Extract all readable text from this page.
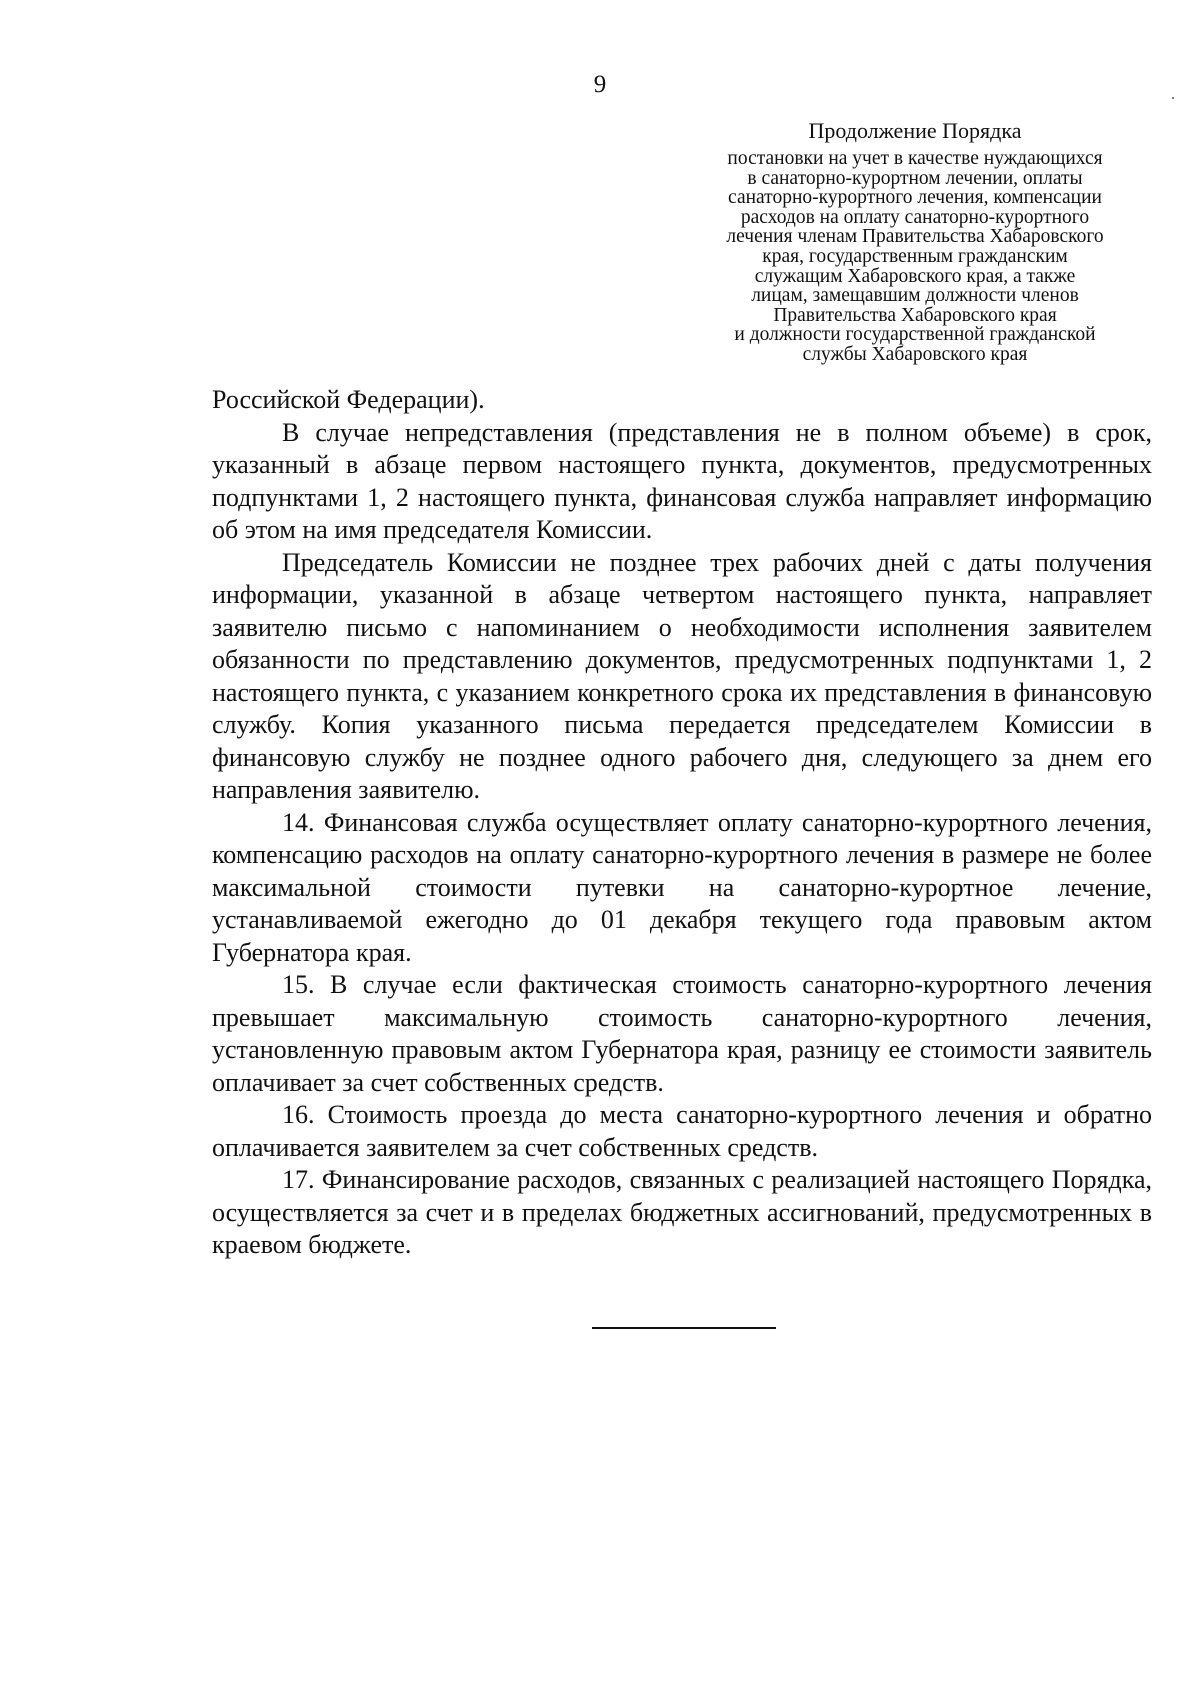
9

Продолжение Порядка

постановки на учет в качестве нуждающихся

в санаторно-курортном лечении, оплаты

санаторно-курортного лечения, компенсации

расходов на оплату санаторно-курортного

лечения членам Правительства Хабаровского

края, государственным гражданским

служащим Хабаровского края, а также

лицам, замещавшим должности членов

Правительства Хабаровского края

и должности государственной гражданской

службы Хабаровского края

Российской Федерации).

В случае непредставления (представления не в полном объеме) в срок, указанный в абзаце первом настоящего пункта, документов, предусмотренных подпунктами 1, 2 настоящего пункта, финансовая служба направляет информацию об этом на имя председателя Комиссии.

Председатель Комиссии не позднее трех рабочих дней с даты получения информации, указанной в абзаце четвертом настоящего пункта, направляет заявителю письмо с напоминанием о необходимости исполнения заявителем обязанности по представлению документов, предусмотренных подпунктами 1, 2 настоящего пункта, с указанием конкретного срока их представления в финансовую службу. Копия указанного письма передается председателем Комиссии в финансовую службу не позднее одного рабочего дня, следующего за днем его направления заявителю.

14. Финансовая служба осуществляет оплату санаторно-курортного лечения, компенсацию расходов на оплату санаторно-курортного лечения в размере не более максимальной стоимости путевки на санаторно-курортное лечение, устанавливаемой ежегодно до 01 декабря текущего года правовым актом Губернатора края.

15. В случае если фактическая стоимость санаторно-курортного лечения превышает максимальную стоимость санаторно-курортного лечения, установленную правовым актом Губернатора края, разницу ее стоимости заявитель оплачивает за счет собственных средств.

16. Стоимость проезда до места санаторно-курортного лечения и обратно оплачивается заявителем за счет собственных средств.

17. Финансирование расходов, связанных с реализацией настоящего Порядка, осуществляется за счет и в пределах бюджетных ассигнований, предусмотренных в краевом бюджете.
